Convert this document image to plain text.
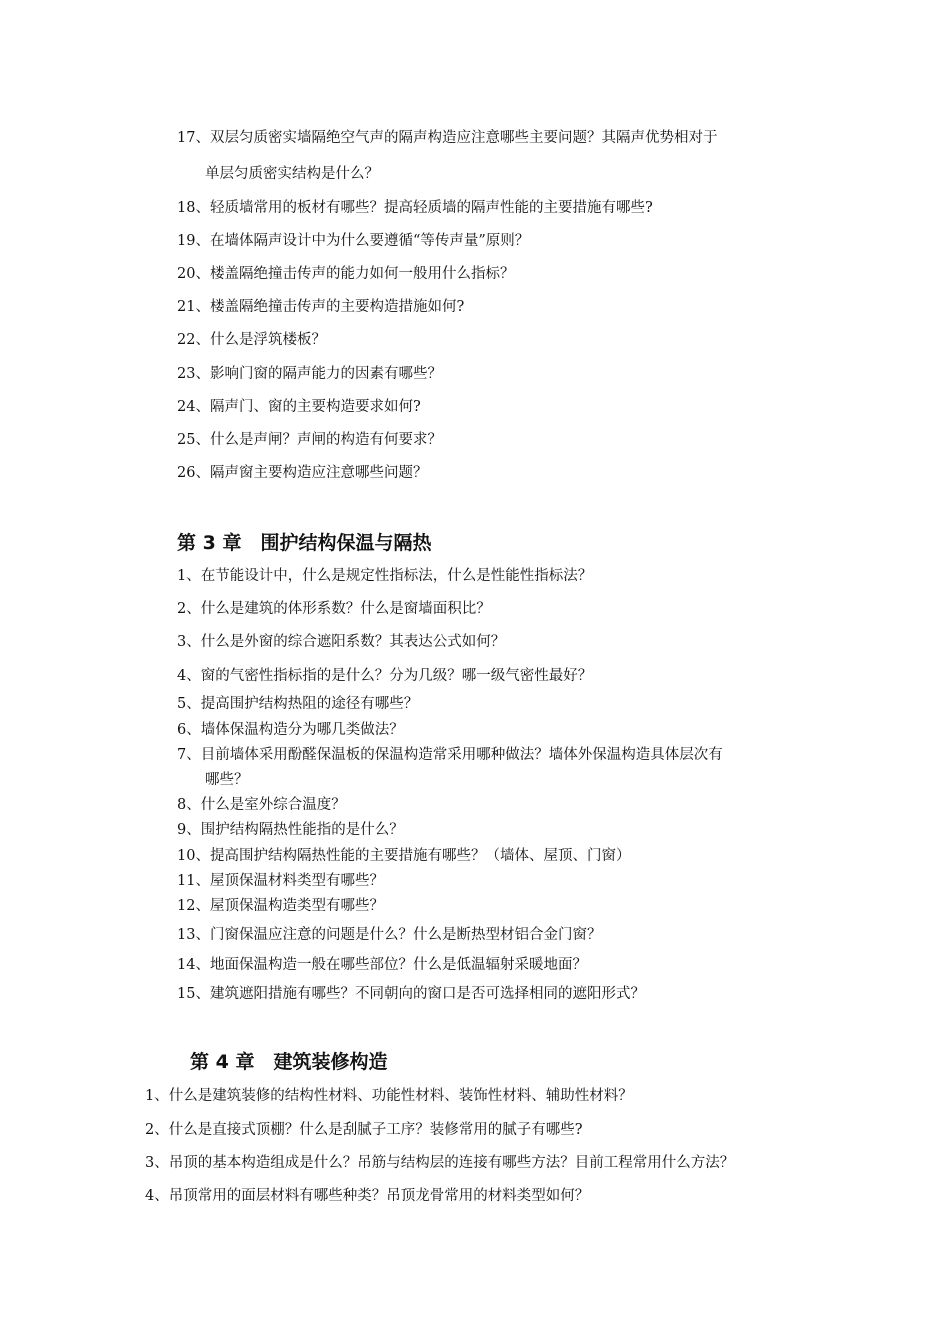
17、双层匀质密实墙隔绝空气声的隔声构造应注意哪些主要问题？其隔声优势相对于
单层匀质密实结构是什么？
18、轻质墙常用的板材有哪些？提高轻质墙的隔声性能的主要措施有哪些?
19、在墙体隔声设计中为什么要遵循“等传声量”原则？
20、楼盖隔绝撞击传声的能力如何一般用什么指标？
21、楼盖隔绝撞击传声的主要构造措施如何?
22、什么是浮筑楼板？
23、影响门窗的隔声能力的因素有哪些？
24、隔声门、窗的主要构造要求如何?
25、什么是声闸？声闸的构造有何要求？
26、隔声窗主要构造应注意哪些问题？
第 3 章　围护结构保温与隔热
1、在节能设计中，什么是规定性指标法，什么是性能性指标法？
2、什么是建筑的体形系数？什么是窗墙面积比？
3、什么是外窗的综合遮阳系数？其表达公式如何？
4、窗的气密性指标指的是什么？分为几级？哪一级气密性最好？
5、提高围护结构热阻的途径有哪些？
6、墙体保温构造分为哪几类做法？
7、目前墙体采用酚醛保温板的保温构造常采用哪种做法？墙体外保温构造具体层次有
哪些？
8、什么是室外综合温度？
9、围护结构隔热性能指的是什么？
10、提高围护结构隔热性能的主要措施有哪些？（墙体、屋顶、门窗）
11、屋顶保温材料类型有哪些？
12、屋顶保温构造类型有哪些？
13、门窗保温应注意的问题是什么？什么是断热型材铝合金门窗？
14、地面保温构造一般在哪些部位？什么是低温辐射采暖地面？
15、建筑遮阳措施有哪些？不同朝向的窗口是否可选择相同的遮阳形式？
第 4 章　建筑装修构造
1、什么是建筑装修的结构性材料、功能性材料、装饰性材料、辅助性材料？
2、什么是直接式顶棚？什么是刮腻子工序？装修常用的腻子有哪些?
3、吊顶的基本构造组成是什么？吊筋与结构层的连接有哪些方法？目前工程常用什么方法？
4、吊顶常用的面层材料有哪些种类？吊顶龙骨常用的材料类型如何？
